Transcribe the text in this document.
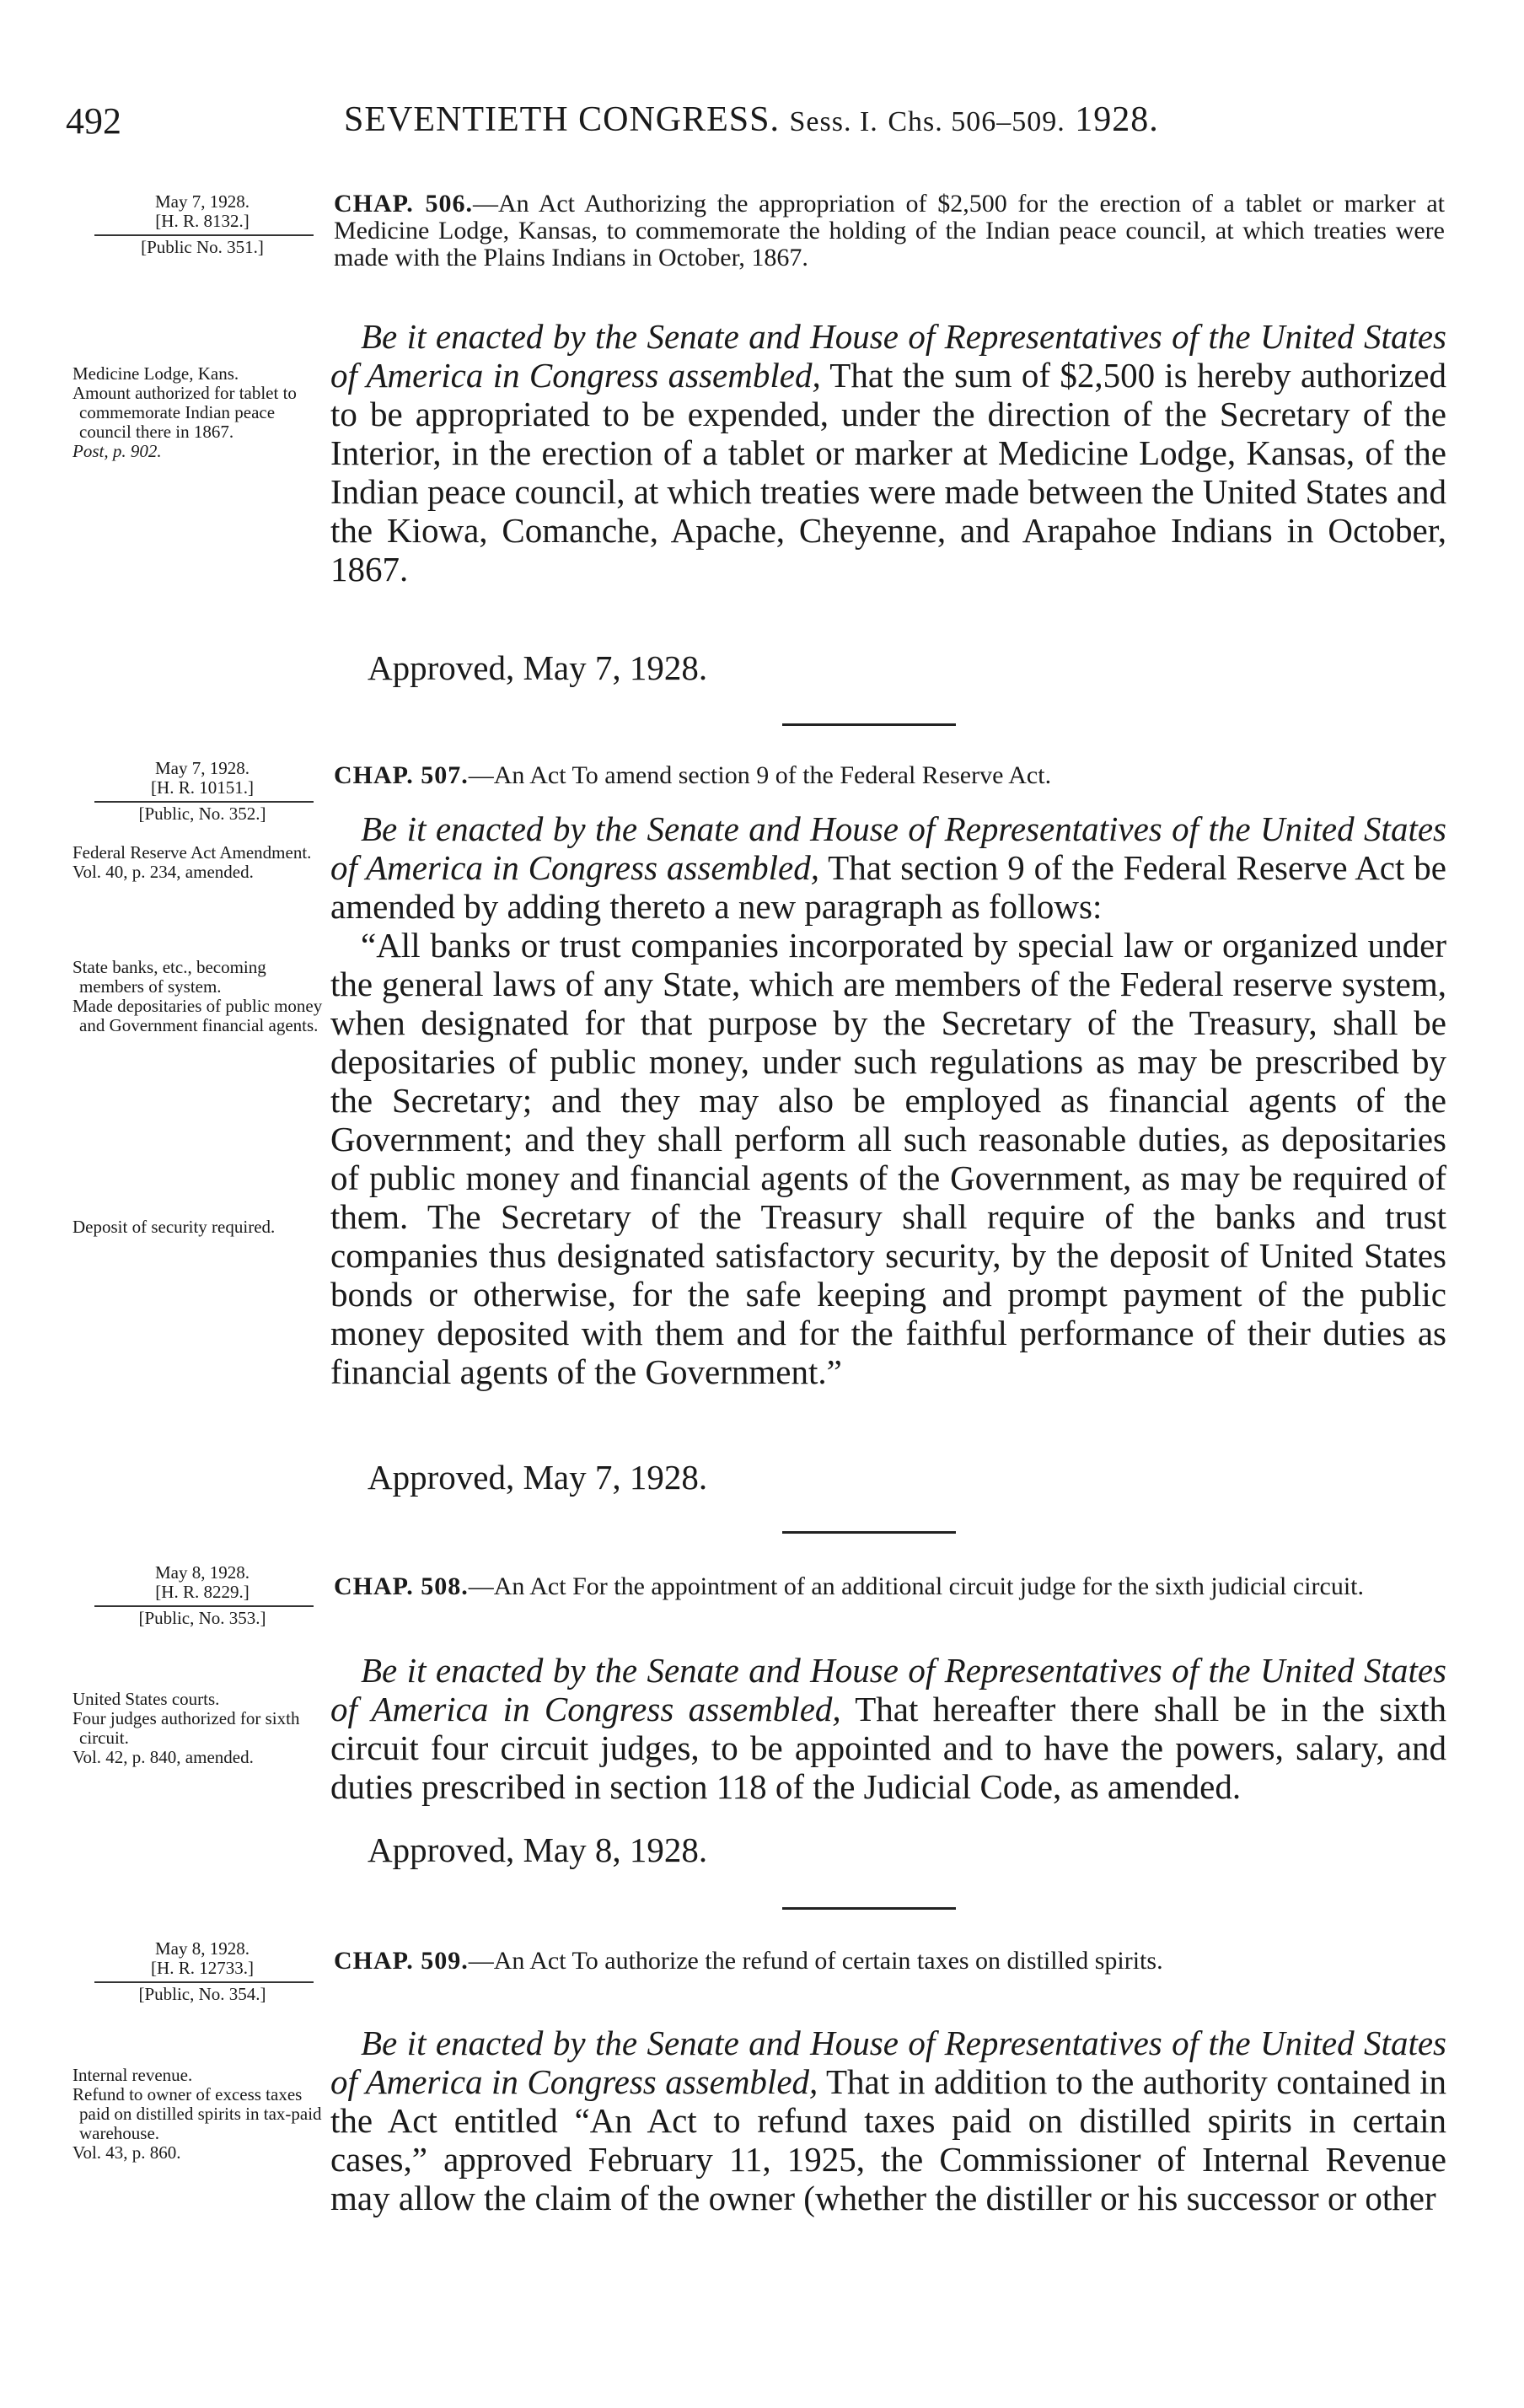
492	SEVENTIETH CONGRESS. Sess. I. Chs. 506–509. 1928.
May 7, 1928.
[H. R. 8132.]
[Public No. 351.]
CHAP. 506.—An Act Authorizing the appropriation of $2,500 for the erection of a tablet or marker at Medicine Lodge, Kansas, to commemorate the holding of the Indian peace council, at which treaties were made with the Plains Indians in October, 1867.
Medicine Lodge, Kans.
Amount authorized for tablet to commemorate Indian peace council there in 1867.
Post, p. 902.

Be it enacted by the Senate and House of Representatives of the United States of America in Congress assembled, That the sum of $2,500 is hereby authorized to be appropriated to be expended, under the direction of the Secretary of the Interior, in the erection of a tablet or marker at Medicine Lodge, Kansas, of the Indian peace council, at which treaties were made between the United States and the Kiowa, Comanche, Apache, Cheyenne, and Arapahoe Indians in October, 1867.

Approved, May 7, 1928.
May 7, 1928.
[H. R. 10151.]
[Public, No. 352.]
CHAP. 507.—An Act To amend section 9 of the Federal Reserve Act.
Federal Reserve Act Amendment.
Vol. 40, p. 234, amended.
State banks, etc., becoming members of system.
Made depositaries of public money and Government financial agents.
Deposit of security required.

Be it enacted by the Senate and House of Representatives of the United States of America in Congress assembled, That section 9 of the Federal Reserve Act be amended by adding thereto a new paragraph as follows:

“All banks or trust companies incorporated by special law or organized under the general laws of any State, which are members of the Federal reserve system, when designated for that purpose by the Secretary of the Treasury, shall be depositaries of public money, under such regulations as may be prescribed by the Secretary; and they may also be employed as financial agents of the Government; and they shall perform all such reasonable duties, as depositaries of public money and financial agents of the Government, as may be required of them. The Secretary of the Treasury shall require of the banks and trust companies thus designated satisfactory security, by the deposit of United States bonds or otherwise, for the safe keeping and prompt payment of the public money deposited with them and for the faithful performance of their duties as financial agents of the Government.”

Approved, May 7, 1928.
May 8, 1928.
[H. R. 8229.]
[Public, No. 353.]
CHAP. 508.—An Act For the appointment of an additional circuit judge for the sixth judicial circuit.
United States courts.
Four judges authorized for sixth circuit.
Vol. 42, p. 840, amended.

Be it enacted by the Senate and House of Representatives of the United States of America in Congress assembled, That hereafter there shall be in the sixth circuit four circuit judges, to be appointed and to have the powers, salary, and duties prescribed in section 118 of the Judicial Code, as amended.

Approved, May 8, 1928.
May 8, 1928.
[H. R. 12733.]
[Public, No. 354.]
CHAP. 509.—An Act To authorize the refund of certain taxes on distilled spirits.
Internal revenue.
Refund to owner of excess taxes paid on distilled spirits in tax-paid warehouse.
Vol. 43, p. 860.

Be it enacted by the Senate and House of Representatives of the United States of America in Congress assembled, That in addition to the authority contained in the Act entitled “An Act to refund taxes paid on distilled spirits in certain cases,” approved February 11, 1925, the Commissioner of Internal Revenue may allow the claim of the owner (whether the distiller or his successor or other
